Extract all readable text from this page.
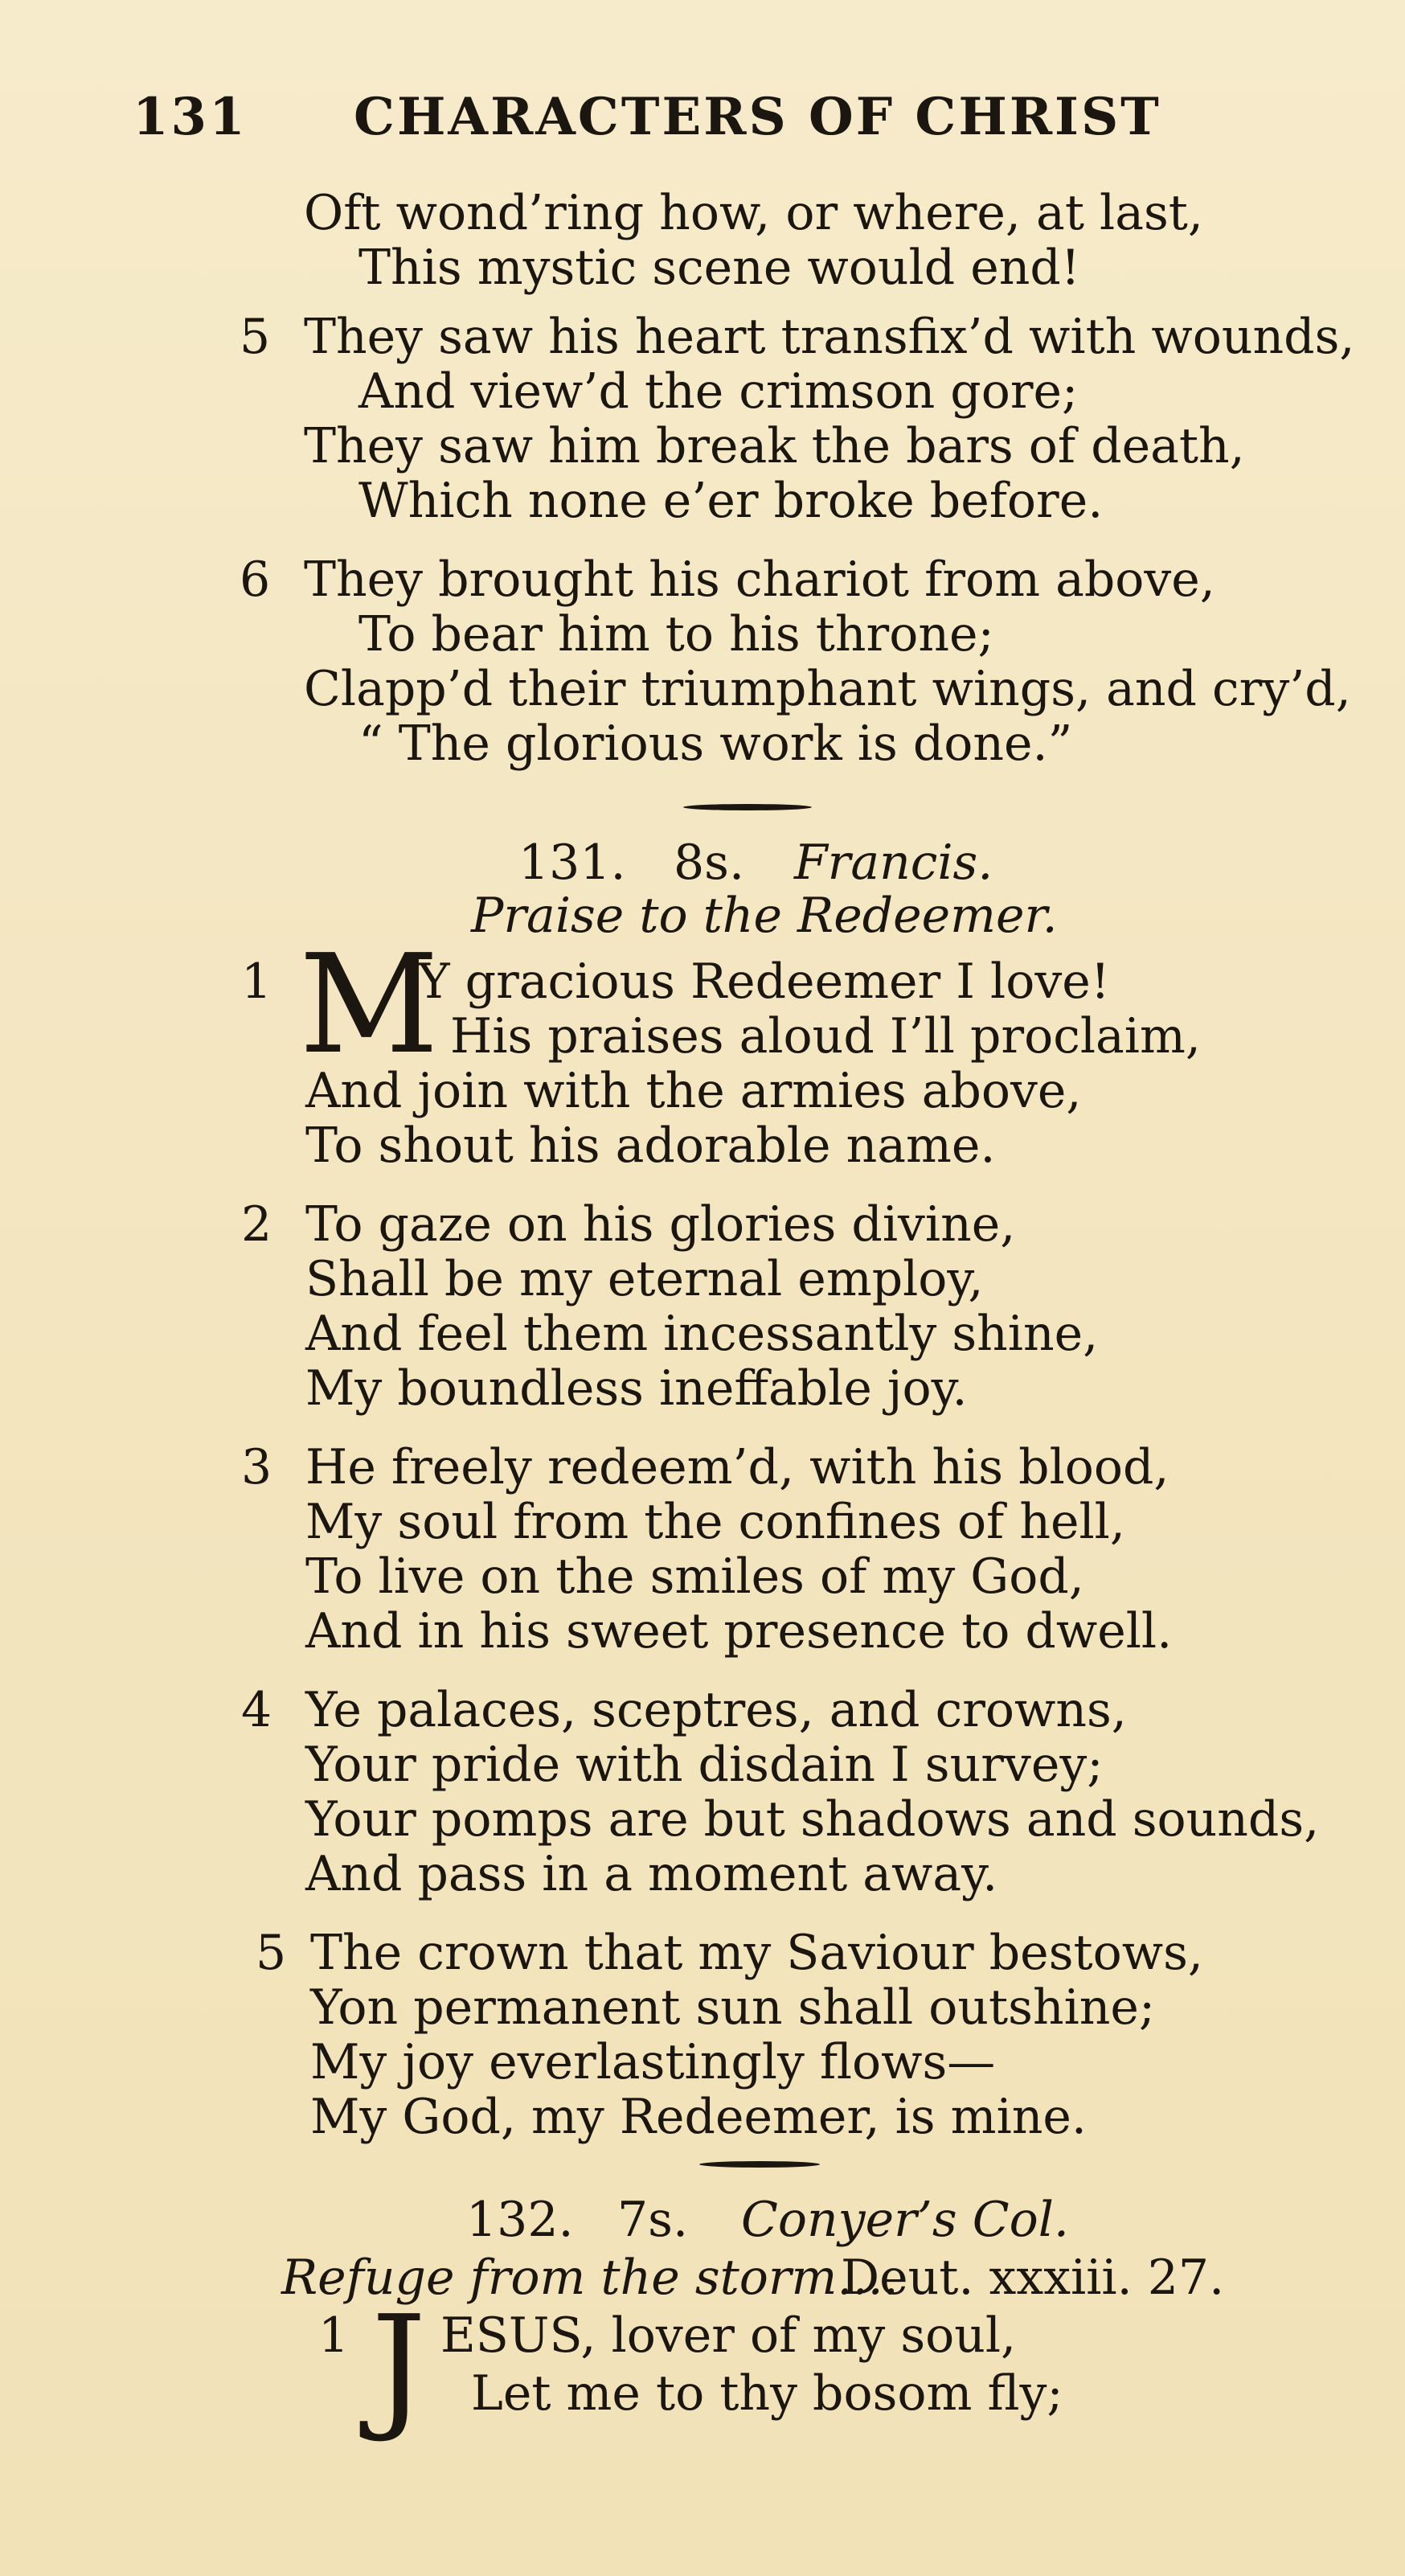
131 CHARACTERS OF CHRIST
Oft wond’ring how, or where, at last,
This mystic scene would end!
5 They saw his heart transfix’d with wounds,
And view’d the crimson gore;
They saw him break the bars of death,
Which none e’er broke before.
6 They brought his chariot from above,
To bear him to his throne;
Clapp’d their triumphant wings, and cry’d,
“ The glorious work is done.”
131. 8s. Francis.
Praise to the Redeemer.
1 M
Y gracious Redeemer I love!
His praises aloud I’ll proclaim,
And join with the armies above,
To shout his adorable name.
2 To gaze on his glories divine,
Shall be my eternal employ,
And feel them incessantly shine,
My boundless ineffable joy.
3 He freely redeem’d, with his blood,
My soul from the confines of hell,
To live on the smiles of my God,
And in his sweet presence to dwell.
4 Ye palaces, sceptres, and crowns,
Your pride with disdain I survey;
Your pomps are but shadows and sounds,
And pass in a moment away.
5 The crown that my Saviour bestows,
Yon permanent sun shall outshine;
My joy everlastingly flows—
My God, my Redeemer, is mine.
132. 7s. Conyer’s Col.
Refuge from the storm....
Deut. xxxiii. 27.
1 J ESUS, lover of my soul,
Let me to thy bosom fly;
